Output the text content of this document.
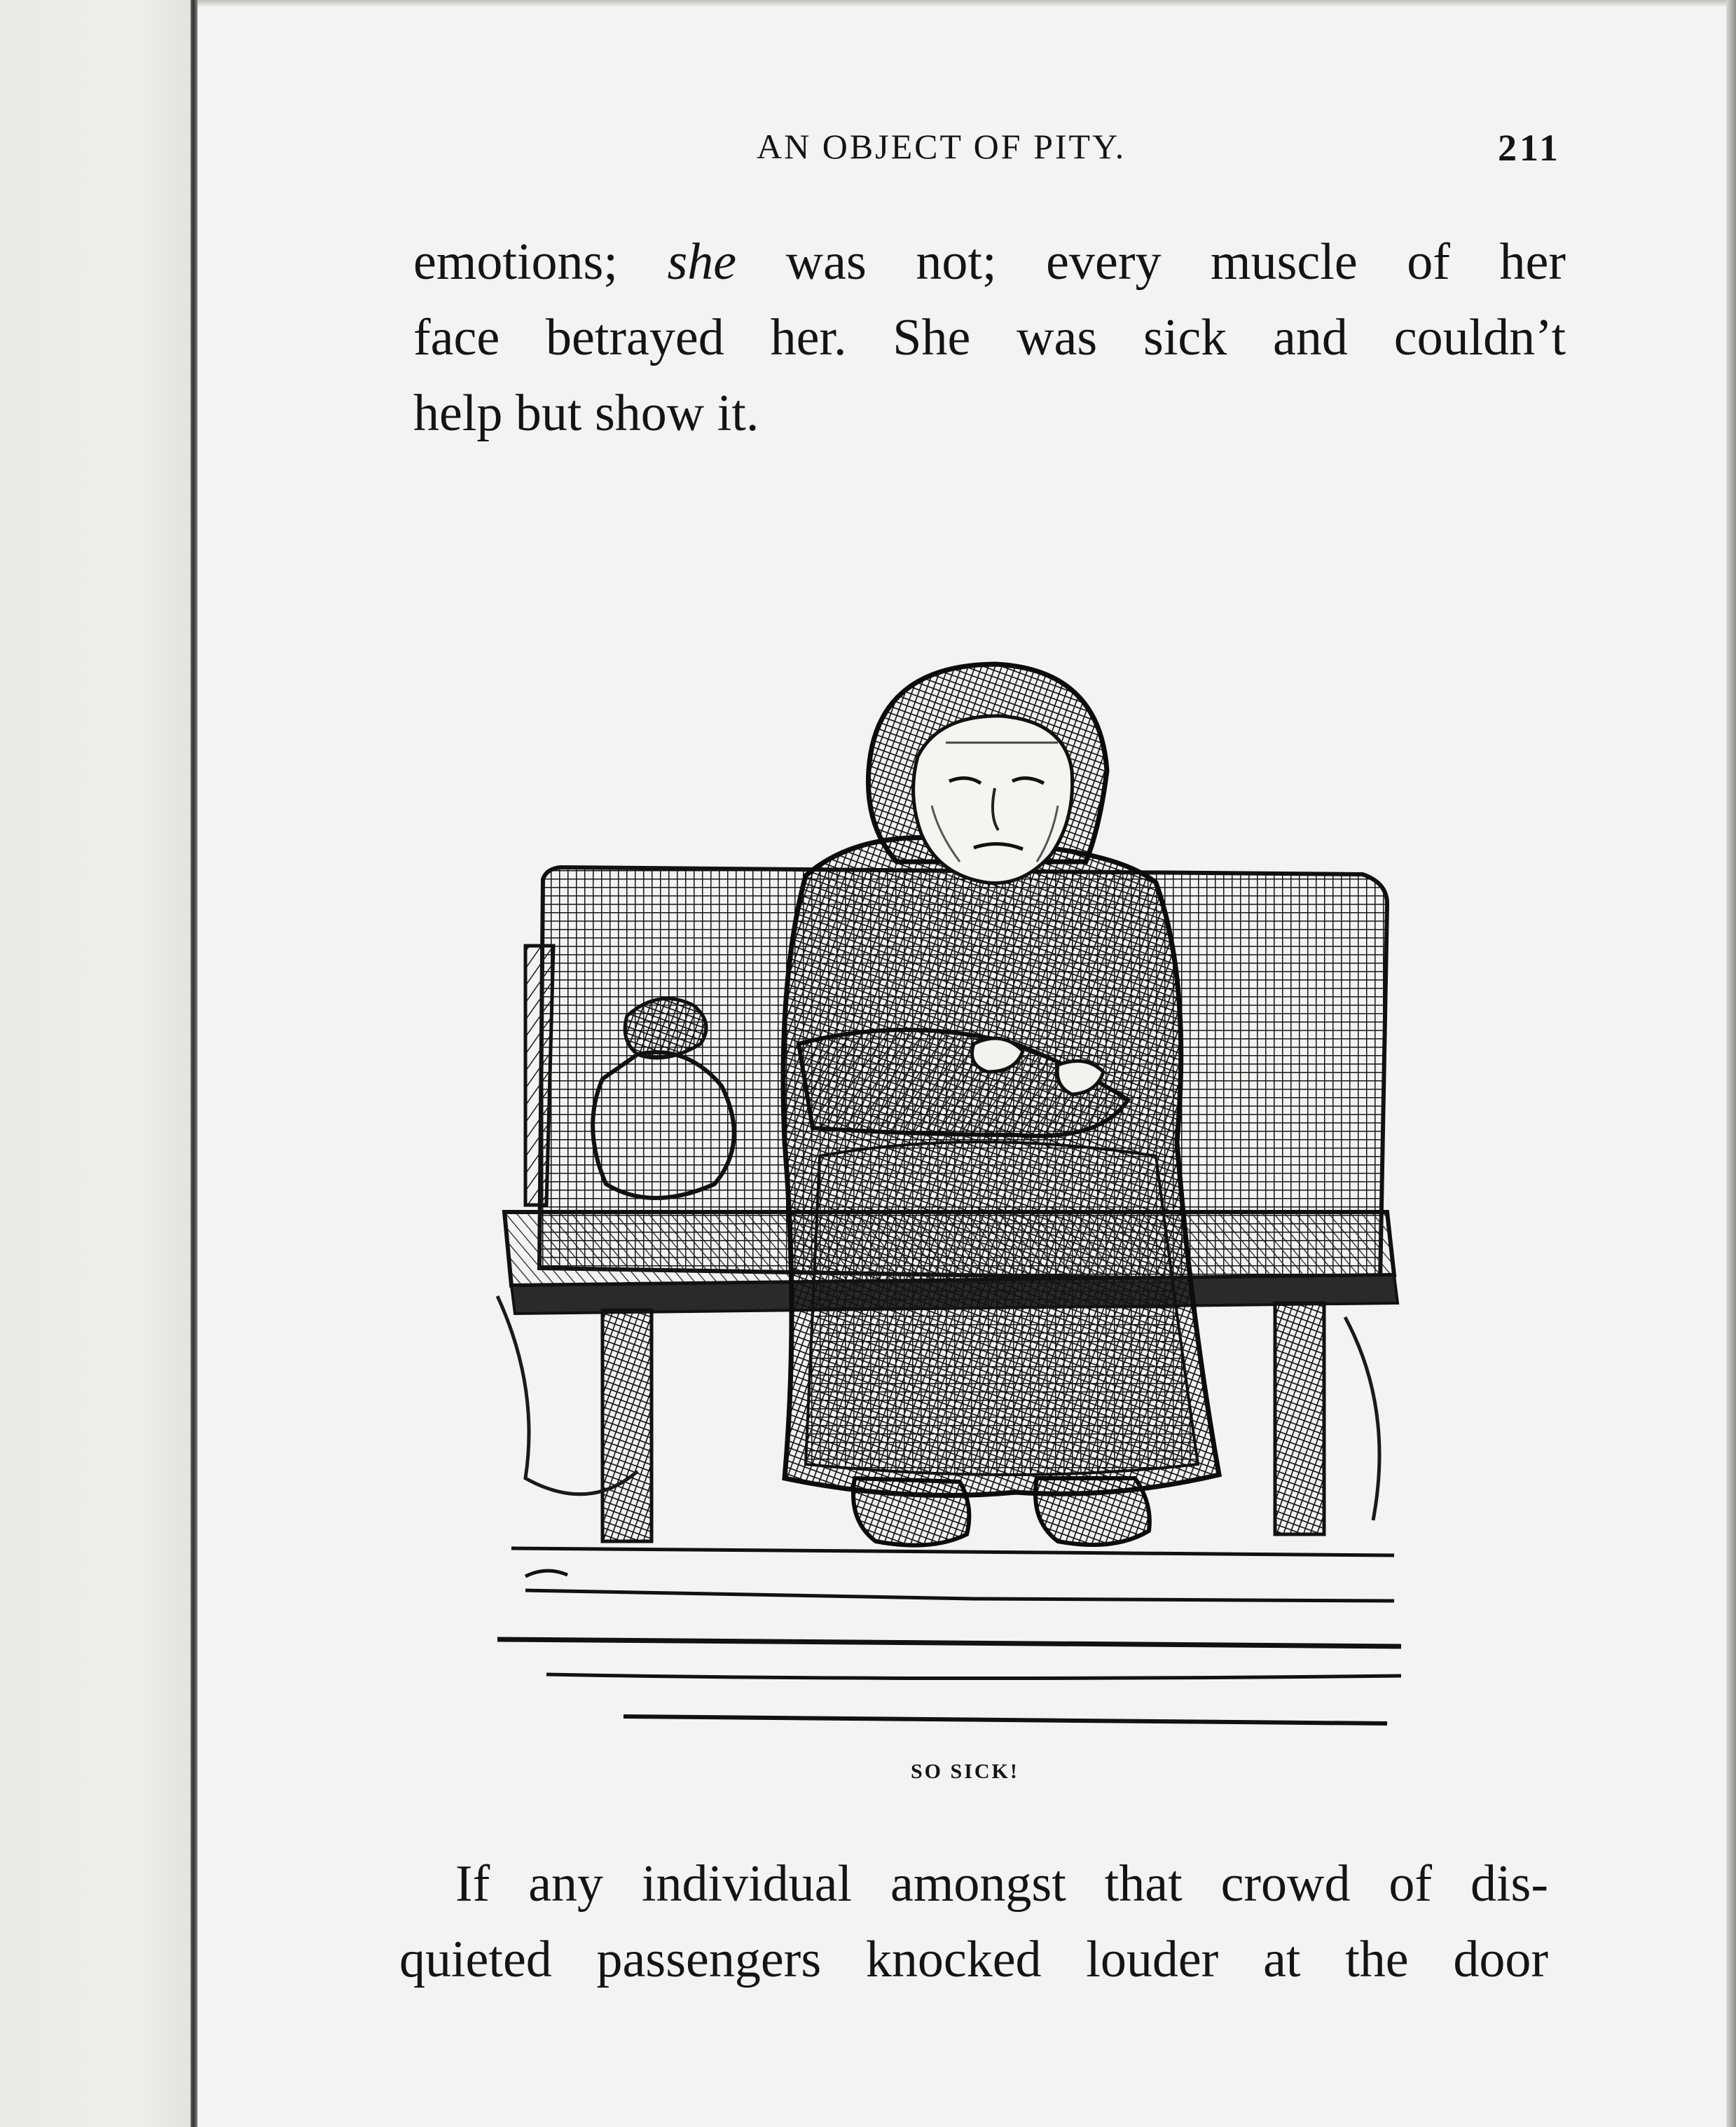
AN OBJECT OF PITY.	211
emotions; she was not; every muscle of her
face betrayed her. She was sick and couldn’t
help but show it.
SO SICK!
If any individual amongst that crowd of dis-
quieted passengers knocked louder at the door
